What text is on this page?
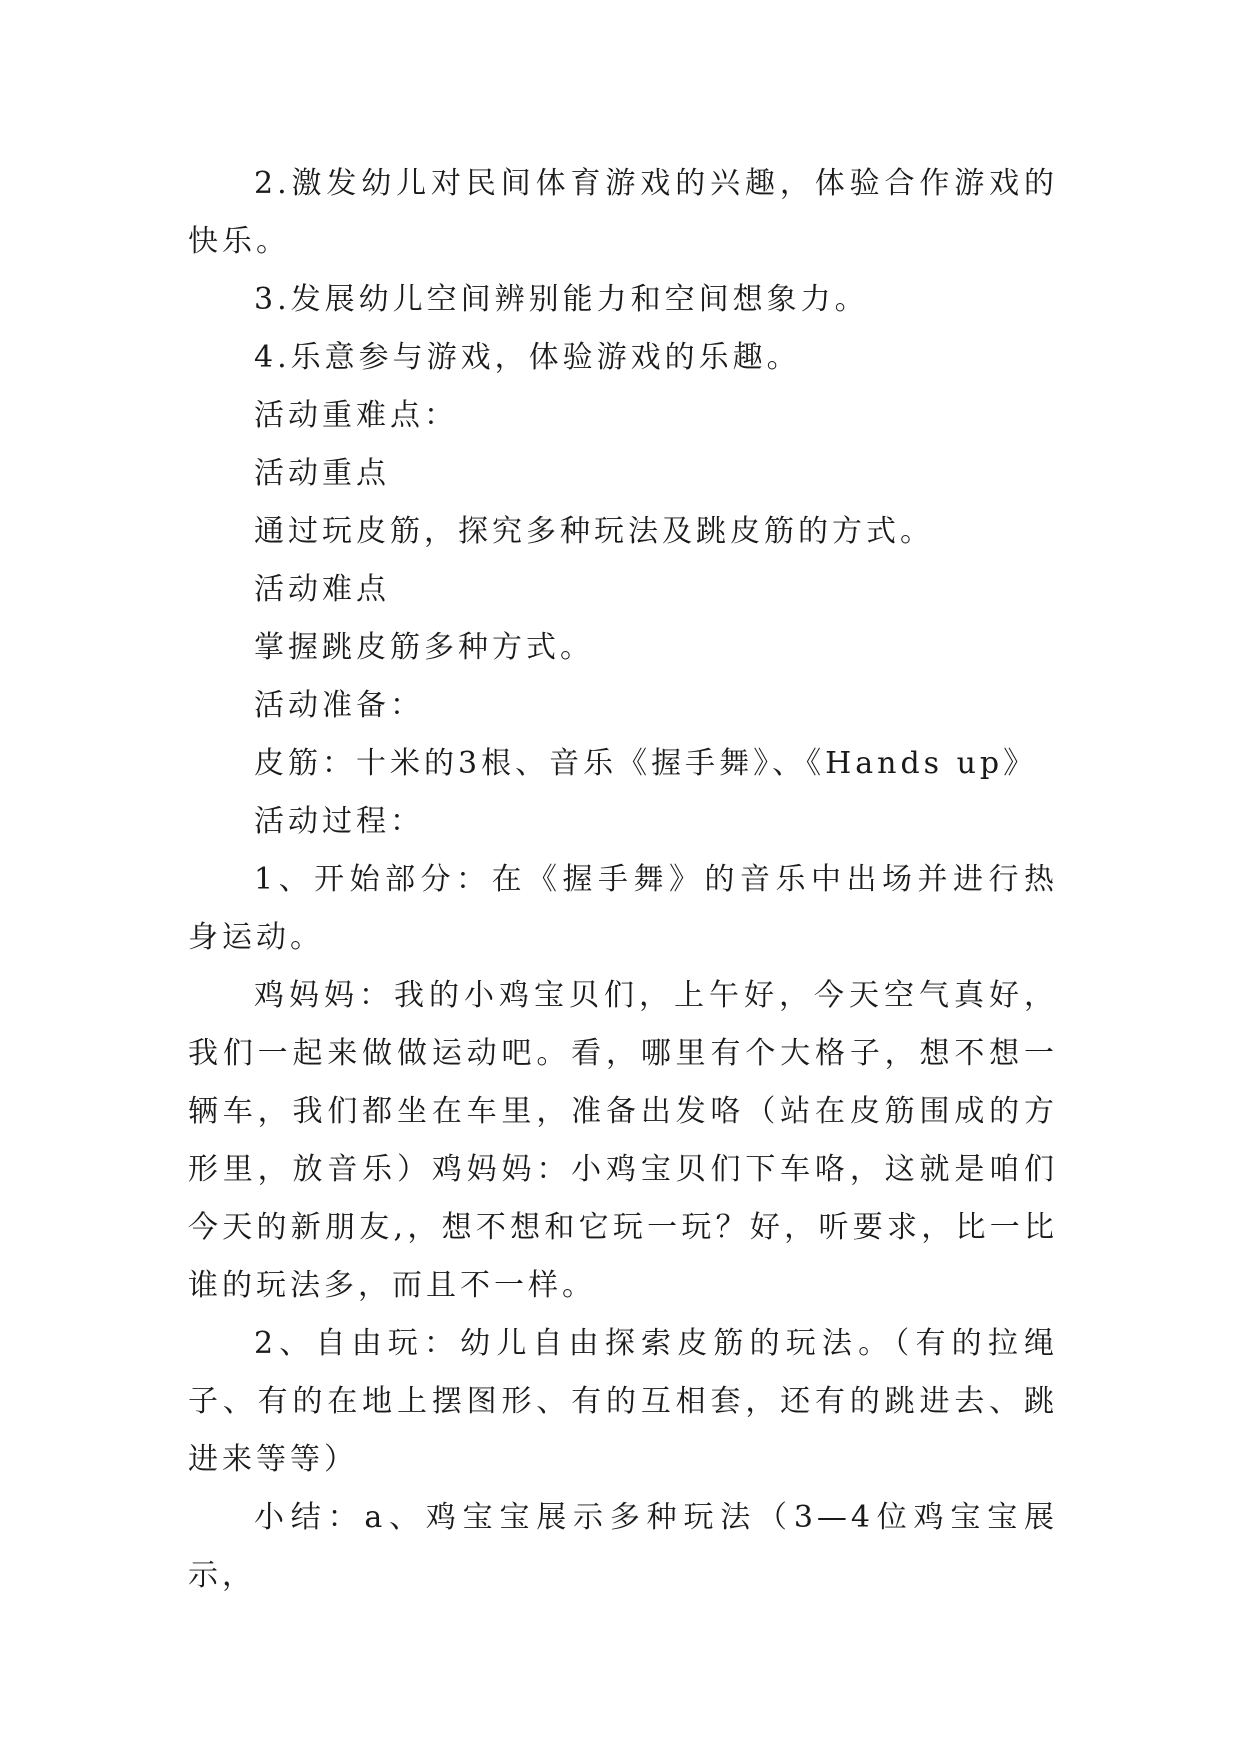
2.激发幼儿对民间体育游戏的兴趣，体验合作游戏的快乐。

3.发展幼儿空间辨别能力和空间想象力。

4.乐意参与游戏，体验游戏的乐趣。

活动重难点：

活动重点

通过玩皮筋，探究多种玩法及跳皮筋的方式。

活动难点

掌握跳皮筋多种方式。

活动准备：

皮筋：十米的3根、音乐《握手舞》、《Hands up》

活动过程：

1、开始部分：在《握手舞》的音乐中出场并进行热身运动。

鸡妈妈：我的小鸡宝贝们，上午好，今天空气真好，我们一起来做做运动吧。看，哪里有个大格子，想不想一辆车，我们都坐在车里，准备出发咯（站在皮筋围成的方形里，放音乐）鸡妈妈：小鸡宝贝们下车咯，这就是咱们今天的新朋友,，想不想和它玩一玩？好，听要求，比一比谁的玩法多，而且不一样。

2、自由玩：幼儿自由探索皮筋的玩法。（有的拉绳子、有的在地上摆图形、有的互相套，还有的跳进去、跳进来等等）

小结：a、鸡宝宝展示多种玩法（3—4位鸡宝宝展示，
